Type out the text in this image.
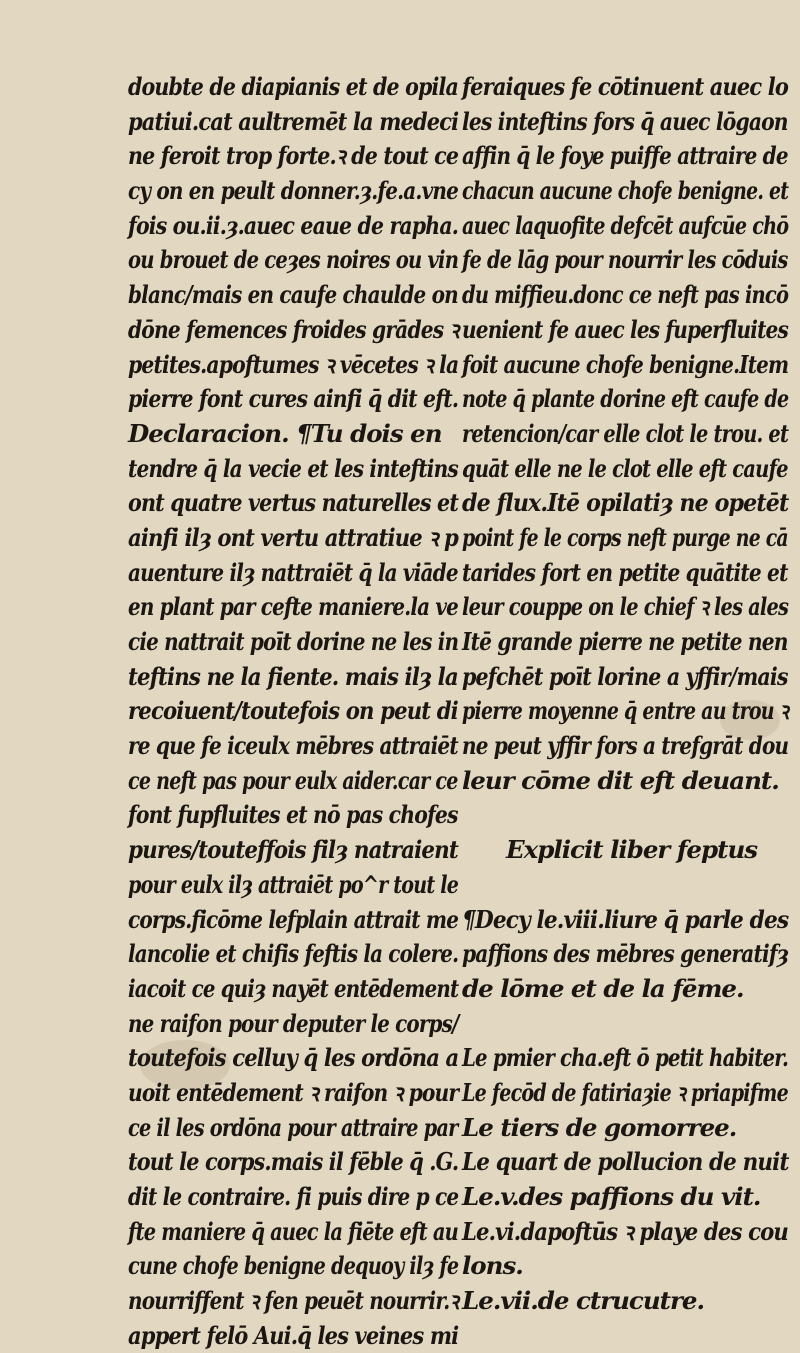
doubte de diapianis et de opila
patiui.cat aultremēt la medeci
ne feroit trop forte.ꝛ de tout ce
cy on en peult donner.ȝ.fe.a.vne
fois ou.ii.ȝ.auec eaue de rapha.
ou brouet de ceȝes noires ou vin
blanc/mais en caufe chaulde on
dōne femences froides grādes ꝛ
petites.apoftumes ꝛ vēcetes ꝛ la
pierre font cures ainfi q̄ dit eft.
Declaracion. ¶Tu dois en
tendre q̄ la vecie et les inteftins
ont quatre vertus naturelles et
ainfi ilȝ ont vertu attratiue ꝛ p
auenture ilȝ nattraiēt q̄ la viāde
en plant par cefte maniere.la ve
cie nattrait poīt dorine ne les in
teftins ne la fiente. mais ilȝ la
recoiuent/toutefois on peut di
re que fe iceulx mēbres attraiēt
ce neft pas pour eulx aider.car ce
font fupfluites et nō pas chofes
pures/touteffois filȝ natraient
pour eulx ilȝ attraiēt po^r tout le
corps.ficōme lefplain attrait me
lancolie et chifis feftis la colere.
iacoit ce quiȝ nayēt entēdement
ne raifon pour deputer le corps/
toutefois celluy q̄ les ordōna a
uoit entēdement ꝛ raifon ꝛ pour
ce il les ordōna pour attraire par
tout le corps.mais il fēble q̄ .G.
dit le contraire. fi puis dire p ce
fte maniere q̄ auec la fiēte eft au
cune chofe benigne dequoy ilȝ fe
nourriffent ꝛ fen peuēt nourrir.ꝛ
appert felō Aui.q̄ les veines mi
feraiques fe cōtinuent auec lo
les inteftins fors q̄ auec lōgaon
affin q̄ le foye puiffe attraire de
chacun aucune chofe benigne. et
auec laquofite defcēt aufcūe chō
fe de lāg pour nourrir les cōduis
du miffieu.donc ce neft pas incō
uenient fe auec les fuperfluites
foit aucune chofe benigne.Item
note q̄ plante dorine eft caufe de
retencion/car elle clot le trou. et
quāt elle ne le clot elle eft caufe
de flux.Itē opilatiȝ ne opetēt
point fe le corps neft purge ne cā
tarides fort en petite quātite et
leur couppe on le chief ꝛ les ales
Itē grande pierre ne petite nen
pefchēt poīt lorine a yffir/mais
pierre moyenne q̄ entre au trou ꝛ
ne peut yffir fors a trefgrāt dou
leur cōme dit eft deuant.
Explicit liber feptus
¶Decy le.viii.liure q̄ parle des
paffions des mēbres generatifȝ
de lōme et de la fēme.
Le pmier cha.eft ō petit habiter.
Le fecōd de fatiriaȝie ꝛ priapifme
Le tiers de gomorree.
Le quart de pollucion de nuit
Le.v.des paffions du vit.
Le.vi.dapoftūs ꝛ playe des cou
lons.
Le.vii.de ctrucutre.
